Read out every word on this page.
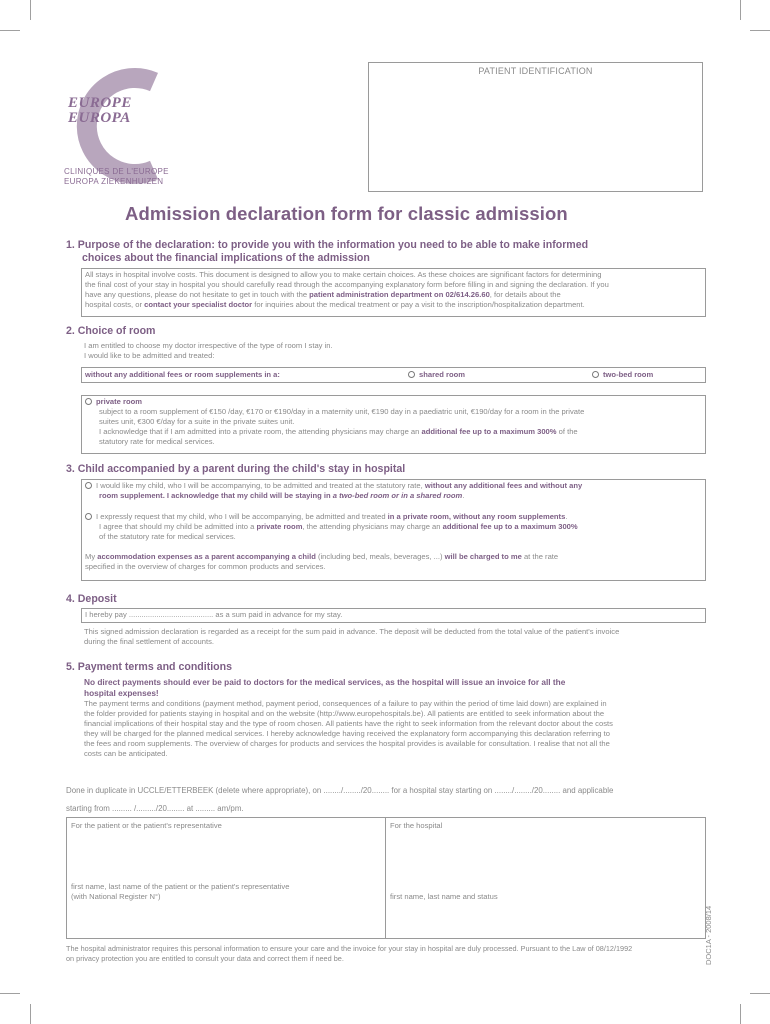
EUROPE
EUROPA
CLINIQUES DE L'EUROPE
EUROPA ZIEKENHUIZEN
PATIENT IDENTIFICATION
Admission declaration form for classic admission
1. Purpose of the declaration: to provide you with the information you need to be able to make informed
choices about the financial implications of the admission
All stays in hospital involve costs. This document is designed to allow you to make certain choices. As these choices are significant factors for determining
the final cost of your stay in hospital you should carefully read through the accompanying explanatory form before filling in and signing the declaration. If you
have any questions, please do not hesitate to get in touch with the patient administration department on 02/614.26.60, for details about the
hospital costs, or contact your specialist doctor for inquiries about the medical treatment or pay a visit to the inscription/hospitalization department.
2. Choice of room
I am entitled to choose my doctor irrespective of the type of room I stay in.
I would like to be admitted and treated:
without any additional fees or room supplements in a:	shared room	two-bed room
private room
subject to a room supplement of €150 /day, €170 or €190/day in a maternity unit, €190 day in a paediatric unit, €190/day for a room in the private
suites unit, €300 €/day for a suite in the private suites unit.
I acknowledge that if I am admitted into a private room, the attending physicians may charge an additional fee up to a maximum 300% of the
statutory rate for medical services.
3. Child accompanied by a parent during the child's stay in hospital
I would like my child, who I will be accompanying, to be admitted and treated at the statutory rate, without any additional fees and without any
room supplement. I acknowledge that my child will be staying in a two-bed room or in a shared room.
I expressly request that my child, who I will be accompanying, be admitted and treated in a private room, without any room supplements.
I agree that should my child be admitted into a private room, the attending physicians may charge an additional fee up to a maximum 300%
of the statutory rate for medical services.
My accommodation expenses as a parent accompanying a child (including bed, meals, beverages, ...) will be charged to me at the rate
specified in the overview of charges for common products and services.
4. Deposit
I hereby pay ........................................ as a sum paid in advance for my stay.
This signed admission declaration is regarded as a receipt for the sum paid in advance. The deposit will be deducted from the total value of the patient's invoice
during the final settlement of accounts.
5. Payment terms and conditions
No direct payments should ever be paid to doctors for the medical services, as the hospital will issue an invoice for all the
hospital expenses!
The payment terms and conditions (payment method, payment period, consequences of a failure to pay within the period of time laid down) are explained in
the folder provided for patients staying in hospital and on the website (http://www.europehospitals.be). All patients are entitled to seek information about the
financial implications of their hospital stay and the type of room chosen. All patients have the right to seek information from the relevant doctor about the costs
they will be charged for the planned medical services. I hereby acknowledge having received the explanatory form accompanying this declaration referring to
the fees and room supplements. The overview of charges for products and services the hospital provides is available for consultation. I realise that not all the
costs can be anticipated.
Done in duplicate in UCCLE/ETTERBEEK (delete where appropriate), on ......../......../20........ for a hospital stay starting on ......../......../20........ and applicable
starting from ......... /........./20........ at ......... am/pm.
For the patient or the patient's representative
first name, last name of the patient or the patient's representative
(with National Register N°)
For the hospital
first name, last name and status
The hospital administrator requires this personal information to ensure your care and the invoice for your stay in hospital are duly processed. Pursuant to the Law of 08/12/1992
on privacy protection you are entitled to consult your data and correct them if need be.	DOC1A - 2008/14
